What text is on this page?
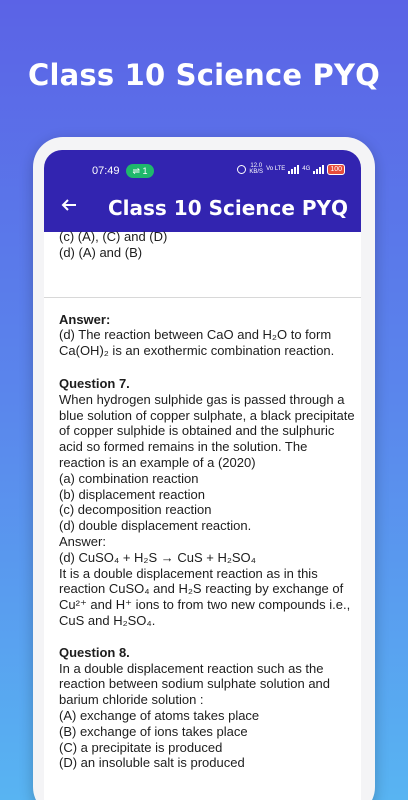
Class 10 Science PYQ
07:49	⇌ 1	12.0
KB/S Vo LTE	4G	100
Class 10 Science PYQ

(c) (A), (C) and (D)

(d) (A) and (B)

Answer:

(d) The reaction between CaO and H₂O to form Ca(OH)₂ is an exothermic combination reaction.

Question 7.

When hydrogen sulphide gas is passed through a blue solution of copper sulphate, a black precipitate of copper sulphide is obtained and the sulphuric acid so formed remains in the solution. The reaction is an example of a (2020)

(a) combination reaction

(b) displacement reaction

(c) decomposition reaction

(d) double displacement reaction.

Answer:

(d) CuSO₄ + H₂S → CuS + H₂SO₄

It is a double displacement reaction as in this reaction CuSO₄ and H₂S reacting by exchange of Cu²⁺ and H⁺ ions to from two new compounds i.e., CuS and H₂SO₄.

Question 8.

In a double displacement reaction such as the reaction between sodium sulphate solution and barium chloride solution :

(A) exchange of atoms takes place

(B) exchange of ions takes place

(C) a precipitate is produced

(D) an insoluble salt is produced
